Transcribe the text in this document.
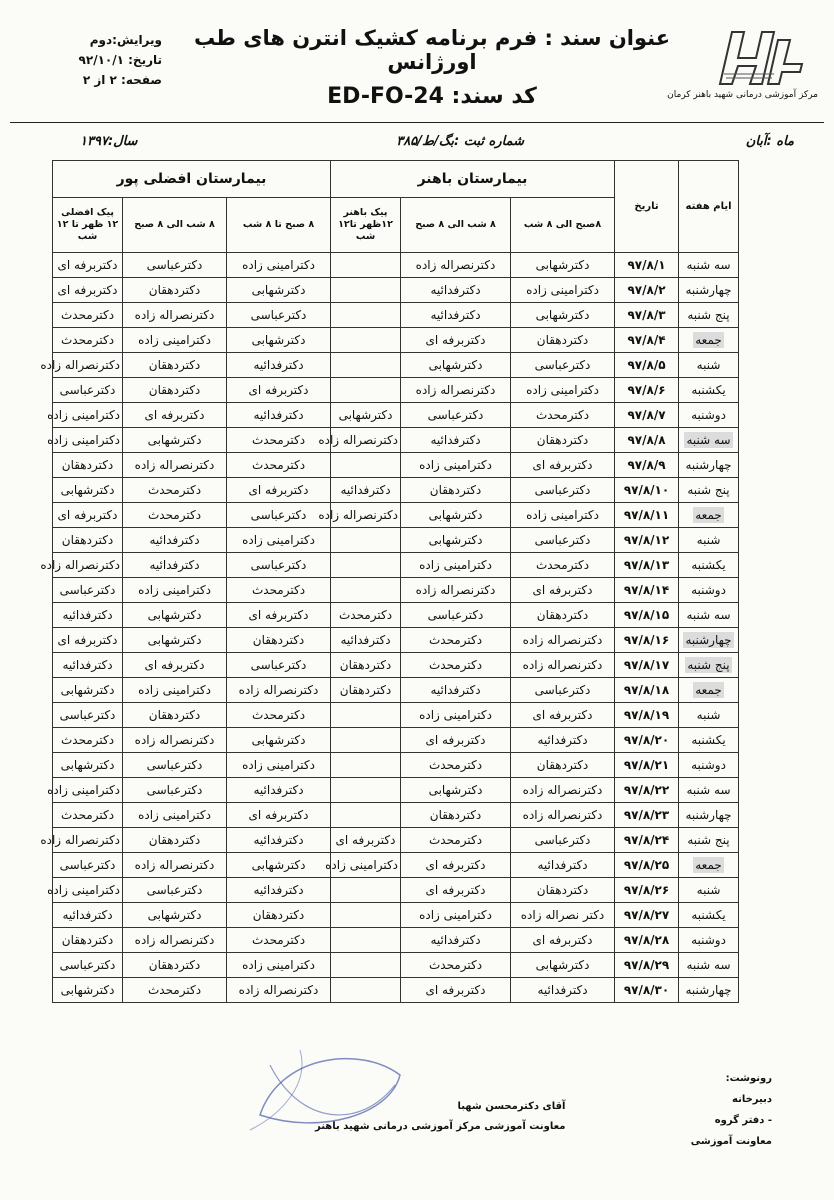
مرکز آموزشی درمانی شهید باهنر کرمان
عنوان سند : فرم برنامه کشیک انترن های طب اورژانس
کد سند: ED-FO-24
ویرایش:دوم
تاریخ: ۹۲/۱۰/۱
صفحه: ۲ از ۲
ماه :آبان
شماره ثبت :بگ/ط/۳۸۵
سال:۱۳۹۷
ایام هفته	تاریخ	بیمارستان باهنر			بیمارستان افضلی پور		
		۸صبح الی ۸ شب	۸ شب الی ۸ صبح	پیک باهنر ۱۲ظهر تا۱۲ شب	۸ صبح تا ۸ شب	۸ شب الی ۸ صبح	پیک افضلی ۱۲ ظهر تا ۱۲ شب
سه شنبه	۹۷/۸/۱	دکترشهابی	دکترنصراله زاده		دکترامینی زاده	دکترعباسی	دکتربرفه ای
چهارشنبه	۹۷/۸/۲	دکترامینی زاده	دکترفدائیه		دکترشهابی	دکتردهقان	دکتربرفه ای
پنج شنبه	۹۷/۸/۳	دکترشهابی	دکترفدائیه		دکترعباسی	دکترنصراله زاده	دکترمحدث
جمعه	۹۷/۸/۴	دکتردهقان	دکتربرفه ای		دکترشهابی	دکترامینی زاده	دکترمحدث
شنبه	۹۷/۸/۵	دکترعباسی	دکترشهابی		دکترفدائیه	دکتردهقان	دکترنصراله زاده
یکشنبه	۹۷/۸/۶	دکترامینی زاده	دکترنصراله زاده		دکتربرفه ای	دکتردهقان	دکترعباسی
دوشنبه	۹۷/۸/۷	دکترمحدث	دکترعباسی	دکترشهابی	دکترفدائیه	دکتربرفه ای	دکترامینی زاده
سه شنبه	۹۷/۸/۸	دکتردهقان	دکترفدائیه	دکترنصراله زاده	دکترمحدث	دکترشهابی	دکترامینی زاده
چهارشنبه	۹۷/۸/۹	دکتربرفه ای	دکترامینی زاده		دکترمحدث	دکترنصراله زاده	دکتردهقان
پنج شنبه	۹۷/۸/۱۰	دکترعباسی	دکتردهقان	دکترفدائیه	دکتربرفه ای	دکترمحدث	دکترشهابی
جمعه	۹۷/۸/۱۱	دکترامینی زاده	دکترشهابی	دکترنصراله زاده	دکترعباسی	دکترمحدث	دکتربرفه ای
شنبه	۹۷/۸/۱۲	دکترعباسی	دکترشهابی		دکترامینی زاده	دکترفدائیه	دکتردهقان
یکشنبه	۹۷/۸/۱۳	دکترمحدث	دکترامینی زاده		دکترعباسی	دکترفدائیه	دکترنصراله زاده
دوشنبه	۹۷/۸/۱۴	دکتربرفه ای	دکترنصراله زاده		دکترمحدث	دکترامینی زاده	دکترعباسی
سه شنبه	۹۷/۸/۱۵	دکتردهقان	دکترعباسی	دکترمحدث	دکتربرفه ای	دکترشهابی	دکترفدائیه
چهارشنبه	۹۷/۸/۱۶	دکترنصراله زاده	دکترمحدث	دکترفدائیه	دکتردهقان	دکترشهابی	دکتربرفه ای
پنج شنبه	۹۷/۸/۱۷	دکترنصراله زاده	دکترمحدث	دکتردهقان	دکترعباسی	دکتربرفه ای	دکترفدائیه
جمعه	۹۷/۸/۱۸	دکترعباسی	دکترفدائیه	دکتردهقان	دکترنصراله زاده	دکترامینی زاده	دکترشهابی
شنبه	۹۷/۸/۱۹	دکتربرفه ای	دکترامینی زاده		دکترمحدث	دکتردهقان	دکترعباسی
یکشنبه	۹۷/۸/۲۰	دکترفدائیه	دکتربرفه ای		دکترشهابی	دکترنصراله زاده	دکترمحدث
دوشنبه	۹۷/۸/۲۱	دکتردهقان	دکترمحدث		دکترامینی زاده	دکترعباسی	دکترشهابی
سه شنبه	۹۷/۸/۲۲	دکترنصراله زاده	دکترشهابی		دکترفدائیه	دکترعباسی	دکترامینی زاده
چهارشنبه	۹۷/۸/۲۳	دکترنصراله زاده	دکتردهقان		دکتربرفه ای	دکترامینی زاده	دکترمحدث
پنج شنبه	۹۷/۸/۲۴	دکترعباسی	دکترمحدث	دکتربرفه ای	دکترفدائیه	دکتردهقان	دکترنصراله زاده
جمعه	۹۷/۸/۲۵	دکترفدائیه	دکتربرفه ای	دکترامینی زاده	دکترشهابی	دکترنصراله زاده	دکترعباسی
شنبه	۹۷/۸/۲۶	دکتردهقان	دکتربرفه ای		دکترفدائیه	دکترعباسی	دکترامینی زاده
یکشنبه	۹۷/۸/۲۷	دکتر نصراله زاده	دکترامینی زاده		دکتردهقان	دکترشهابی	دکترفدائیه
دوشنبه	۹۷/۸/۲۸	دکتربرفه ای	دکترفدائیه		دکترمحدث	دکترنصراله زاده	دکتردهقان
سه شنبه	۹۷/۸/۲۹	دکترشهابی	دکترمحدث		دکترامینی زاده	دکتردهقان	دکترعباسی
چهارشنبه	۹۷/۸/۳۰	دکترفدائیه	دکتربرفه ای		دکترنصراله زاده	دکترمحدث	دکترشهابی
رونوشت:
دبیرخانه
- دفتر گروه
معاونت آموزشی
آقای دکترمحسن شهبا
معاونت آموزشی مرکز آموزشی درمانی شهید باهنر
